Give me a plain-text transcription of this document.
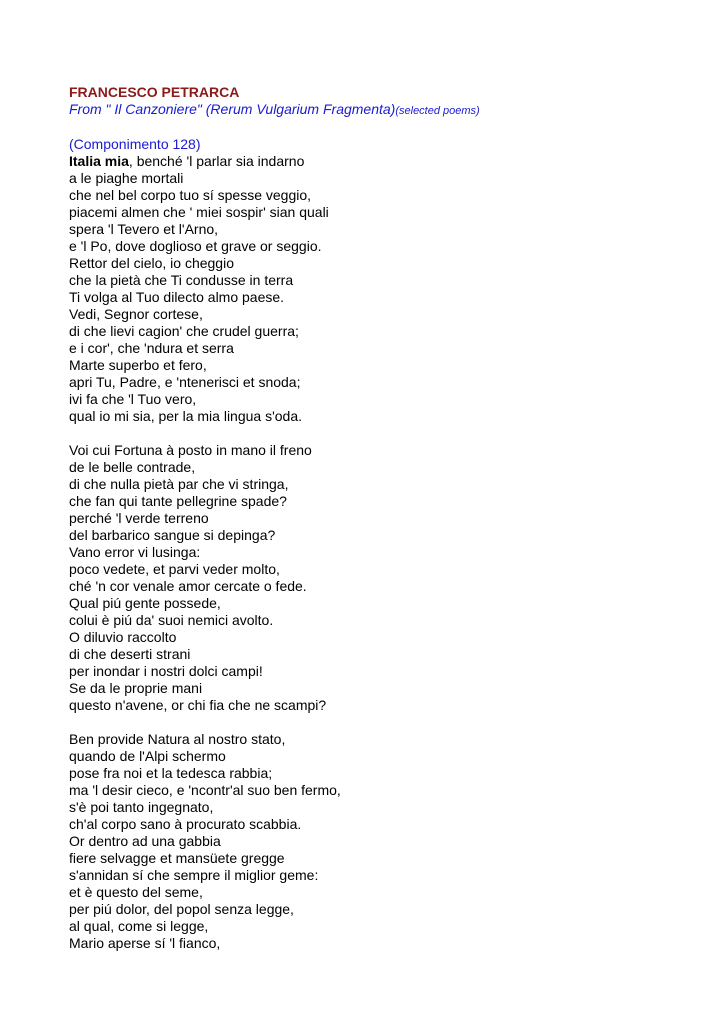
FRANCESCO PETRARCA

From " Il Canzoniere" (Rerum Vulgarium Fragmenta)(selected poems)

(Componimento 128)

Italia mia, benché 'l parlar sia indarno

a le piaghe mortali

che nel bel corpo tuo sí spesse veggio,

piacemi almen che ' miei sospir' sian quali

spera 'l Tevero et l'Arno,

e 'l Po, dove doglioso et grave or seggio.

Rettor del cielo, io cheggio

che la pietà che Ti condusse in terra

Ti volga al Tuo dilecto almo paese.

Vedi, Segnor cortese,

di che lievi cagion' che crudel guerra;

e i cor', che 'ndura et serra

Marte superbo et fero,

apri Tu, Padre, e 'ntenerisci et snoda;

ivi fa che 'l Tuo vero,

qual io mi sia, per la mia lingua s'oda.

Voi cui Fortuna à posto in mano il freno

de le belle contrade,

di che nulla pietà par che vi stringa,

che fan qui tante pellegrine spade?

perché 'l verde terreno

del barbarico sangue si depinga?

Vano error vi lusinga:

poco vedete, et parvi veder molto,

ché 'n cor venale amor cercate o fede.

Qual piú gente possede,

colui è piú da' suoi nemici avolto.

O diluvio raccolto

di che deserti strani

per inondar i nostri dolci campi!

Se da le proprie mani

questo n'avene, or chi fia che ne scampi?

Ben provide Natura al nostro stato,

quando de l'Alpi schermo

pose fra noi et la tedesca rabbia;

ma 'l desir cieco, e 'ncontr'al suo ben fermo,

s'è poi tanto ingegnato,

ch'al corpo sano à procurato scabbia.

Or dentro ad una gabbia

fiere selvagge et mansüete gregge

s'annidan sí che sempre il miglior geme:

et è questo del seme,

per piú dolor, del popol senza legge,

al qual, come si legge,

Mario aperse sí 'l fianco,
